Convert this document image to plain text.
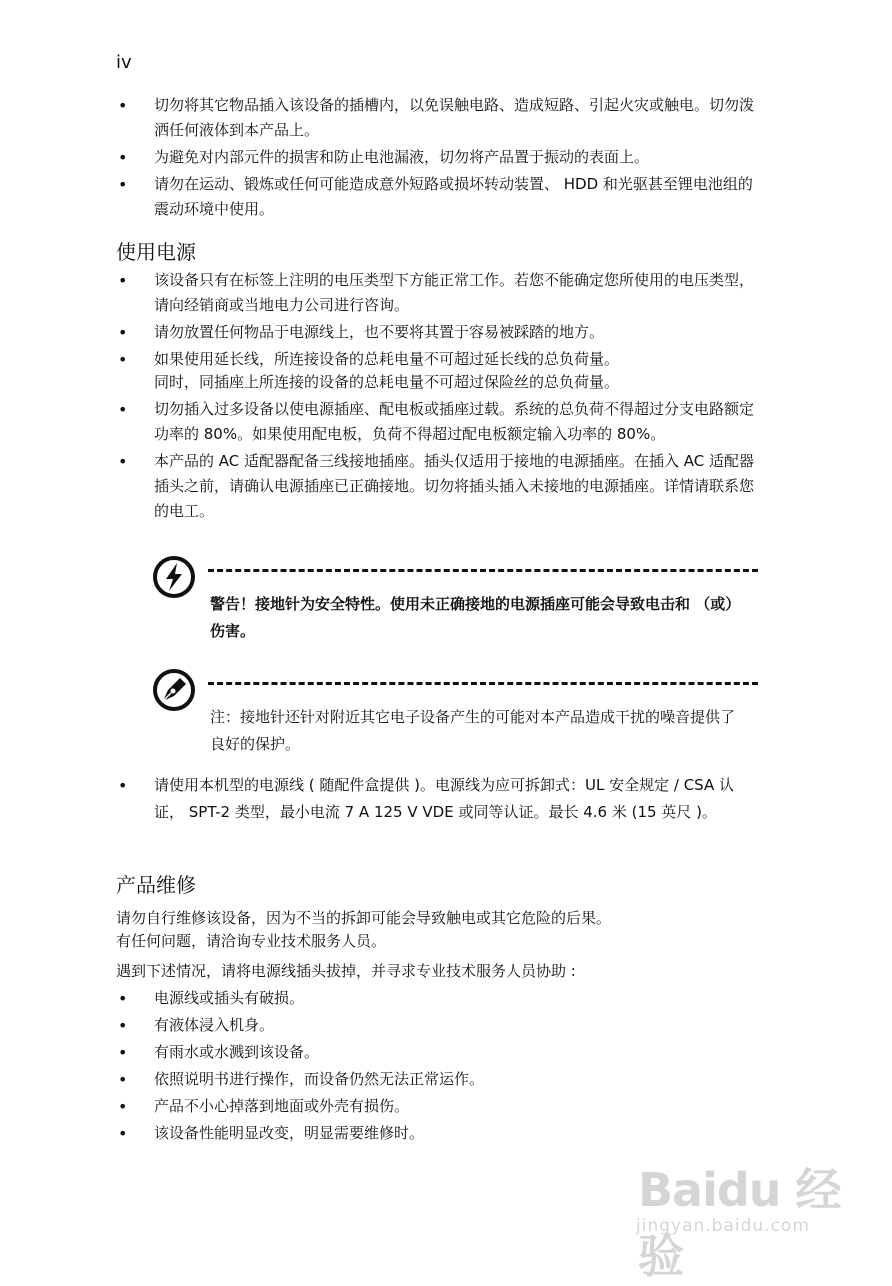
iv
• 切勿将其它物品插入该设备的插槽内，以免误触电路、造成短路、引起火灾或触电。切勿泼洒任何液体到本产品上。
• 为避免对内部元件的损害和防止电池漏液，切勿将产品置于振动的表面上。
• 请勿在运动、锻炼或任何可能造成意外短路或损坏转动装置、 HDD 和光驱甚至锂电池组的震动环境中使用。
使用电源
• 该设备只有在标签上注明的电压类型下方能正常工作。若您不能确定您所使用的电压类型，请向经销商或当地电力公司进行咨询。
• 请勿放置任何物品于电源线上，也不要将其置于容易被踩踏的地方。
• 如果使用延长线，所连接设备的总耗电量不可超过延长线的总负荷量。
同时，同插座上所连接的设备的总耗电量不可超过保险丝的总负荷量。
• 切勿插入过多设备以使电源插座、配电板或插座过载。系统的总负荷不得超过分支电路额定功率的 80%。如果使用配电板，负荷不得超过配电板额定输入功率的 80%。
• 本产品的 AC 适配器配备三线接地插座。插头仅适用于接地的电源插座。在插入 AC 适配器插头之前，请确认电源插座已正确接地。切勿将插头插入未接地的电源插座。详情请联系您的电工。
警告！接地针为安全特性。使用未正确接地的电源插座可能会导致电击和 （或）伤害。
注：接地针还针对附近其它电子设备产生的可能对本产品造成干扰的噪音提供了良好的保护。
• 请使用本机型的电源线 ( 随配件盒提供 )。电源线为应可拆卸式：UL 安全规定 / CSA 认证， SPT-2 类型，最小电流 7 A 125 V VDE 或同等认证。最长 4.6 米 (15 英尺 )。
产品维修

请勿自行维修该设备，因为不当的拆卸可能会导致触电或其它危险的后果。

有任何问题，请洽询专业技术服务人员。

遇到下述情况，请将电源线插头拔掉，并寻求专业技术服务人员协助 :

• 电源线或插头有破损。
• 有液体浸入机身。
• 有雨水或水溅到该设备。
• 依照说明书进行操作，而设备仍然无法正常运作。
• 产品不小心掉落到地面或外壳有损伤。
• 该设备性能明显改变，明显需要维修时。
Baidu 经验
jingyan.baidu.com
